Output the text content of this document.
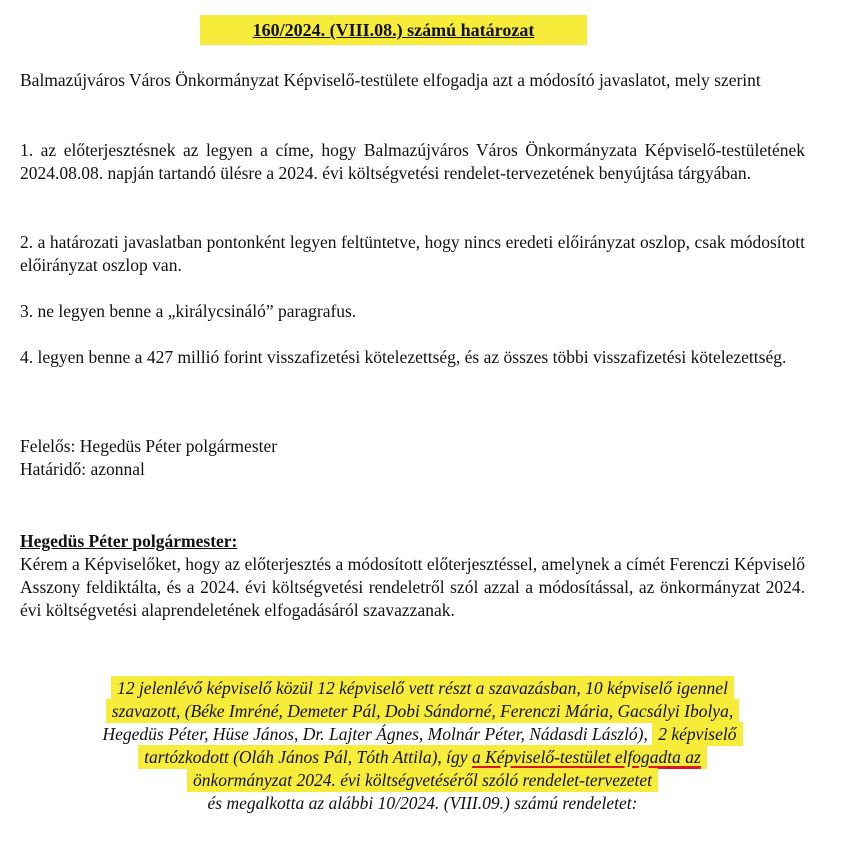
160/2024. (VIII.08.) számú határozat

Balmazújváros Város Önkormányzat Képviselő-testülete elfogadja azt a módosító javaslatot, mely szerint

1. az előterjesztésnek az legyen a címe, hogy Balmazújváros Város Önkormányzata Képviselő-testületének 2024.08.08. napján tartandó ülésre a 2024. évi költségvetési rendelet-tervezetének benyújtása tárgyában.

2. a határozati javaslatban pontonként legyen feltüntetve, hogy nincs eredeti előirányzat oszlop, csak módosított előirányzat oszlop van.

3. ne legyen benne a „királycsináló” paragrafus.

4. legyen benne a 427 millió forint visszafizetési kötelezettség, és az összes többi visszafizetési kötelezettség.

Felelős: Hegedüs Péter polgármester

Határidő: azonnal

Hegedüs Péter polgármester:

Kérem a Képviselőket, hogy az előterjesztés a módosított előterjesztéssel, amelynek a címét Ferenczi Képviselő Asszony feldiktálta, és a 2024. évi költségvetési rendeletről szól azzal a módosítással, az önkormányzat 2024. évi költségvetési alaprendeletének elfogadásáról szavazzanak.

12 jelenlévő képviselő közül 12 képviselő vett részt a szavazásban, 10 képviselő igennel
szavazott, (Béke Imréné, Demeter Pál, Dobi Sándorné, Ferenczi Mária, Gacsályi Ibolya,
Hegedüs Péter, Hüse János, Dr. Lajter Ágnes, Molnár Péter, Nádasdi László), 2 képviselő
tartózkodott (Oláh János Pál, Tóth Attila), így a Képviselő-testület elfogadta az
önkormányzat 2024. évi költségvetéséről szóló rendelet-tervezetet
és megalkotta az alábbi 10/2024. (VIII.09.) számú rendeletet:
